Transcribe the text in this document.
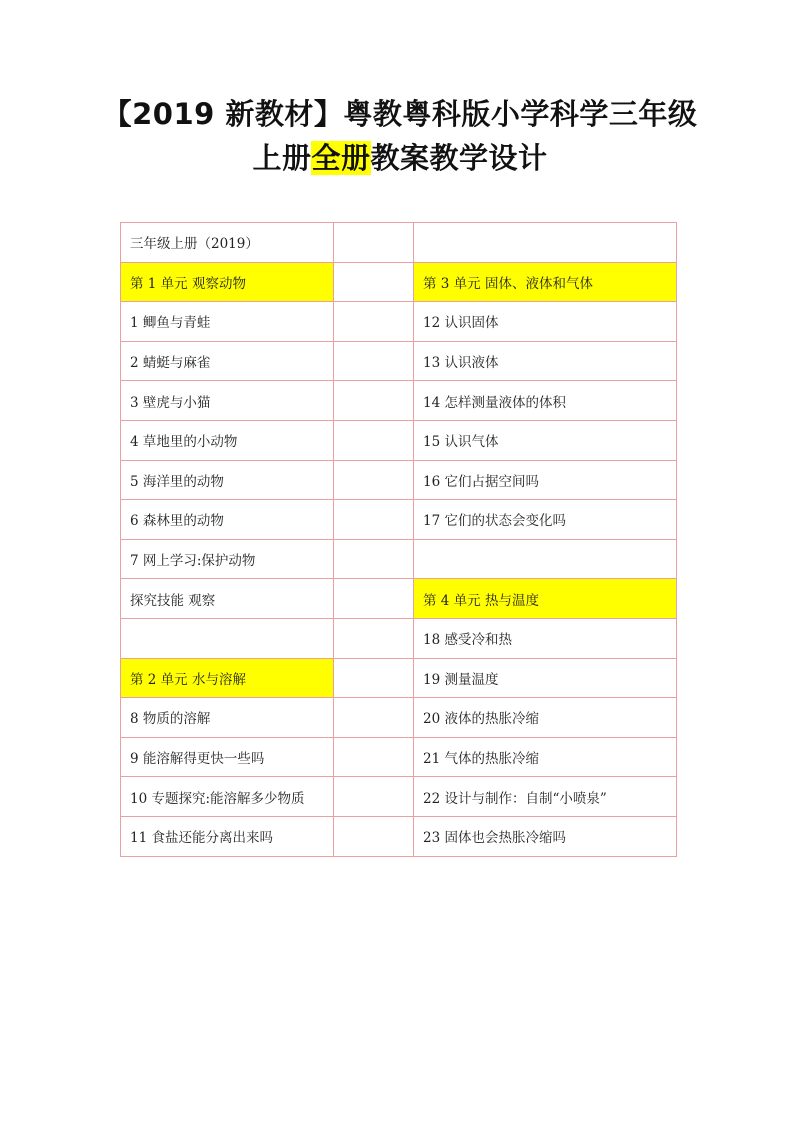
【2019 新教材】粤教粤科版小学科学三年级
上册全册教案教学设计
三年级上册（2019）		
第 1 单元 观察动物		第 3 单元 固体、液体和气体
1 鲫鱼与青蛙		12 认识固体
2 蜻蜓与麻雀		13 认识液体
3 壁虎与小猫		14 怎样测量液体的体积
4 草地里的小动物		15 认识气体
5 海洋里的动物		16 它们占据空间吗
6 森林里的动物		17 它们的状态会变化吗
7 网上学习:保护动物		
探究技能 观察		第 4 单元 热与温度
		18 感受冷和热
第 2 单元 水与溶解		19 测量温度
8 物质的溶解		20 液体的热胀冷缩
9 能溶解得更快一些吗		21 气体的热胀冷缩
10 专题探究:能溶解多少物质		22 设计与制作：自制“小喷泉”
11 食盐还能分离出来吗		23 固体也会热胀冷缩吗
